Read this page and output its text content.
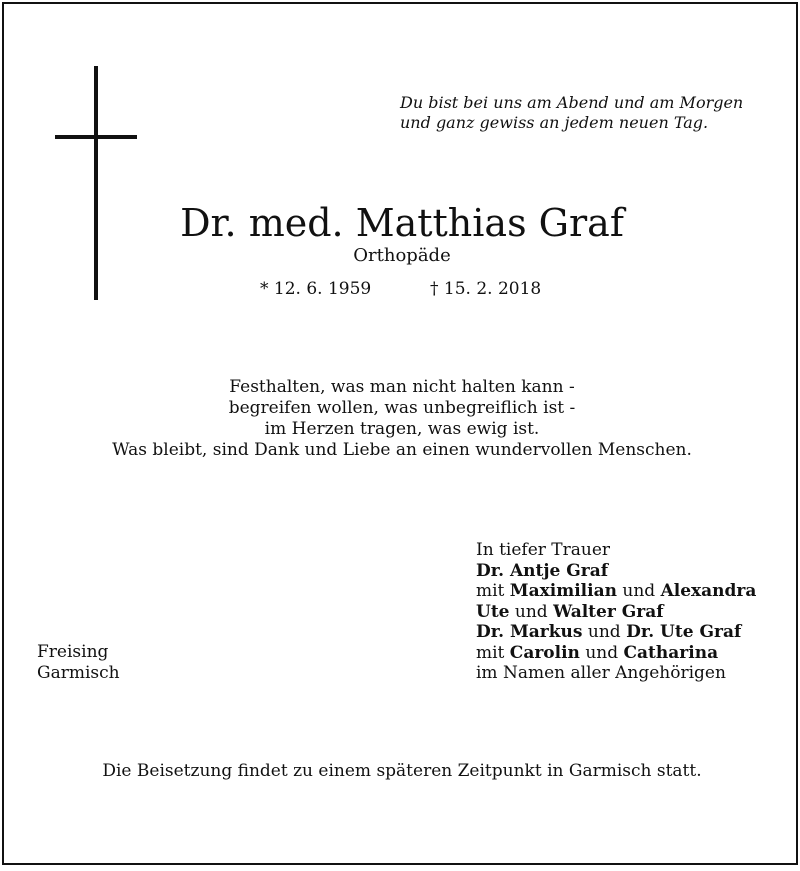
Du bist bei uns am Abend und am Morgen
und ganz gewiss an jedem neuen Tag.
Dr. med. Matthias Graf
Orthopäde
* 12. 6. 1959	† 15. 2. 2018
Festhalten, was man nicht halten kann -
begreifen wollen, was unbegreiflich ist -
im Herzen tragen, was ewig ist.
Was bleibt, sind Dank und Liebe an einen wundervollen Menschen.
Freising
Garmisch
In tiefer Trauer
Dr. Antje Graf
mit Maximilian und Alexandra
Ute und Walter Graf
Dr. Markus und Dr. Ute Graf
mit Carolin und Catharina
im Namen aller Angehörigen
Die Beisetzung findet zu einem späteren Zeitpunkt in Garmisch statt.
